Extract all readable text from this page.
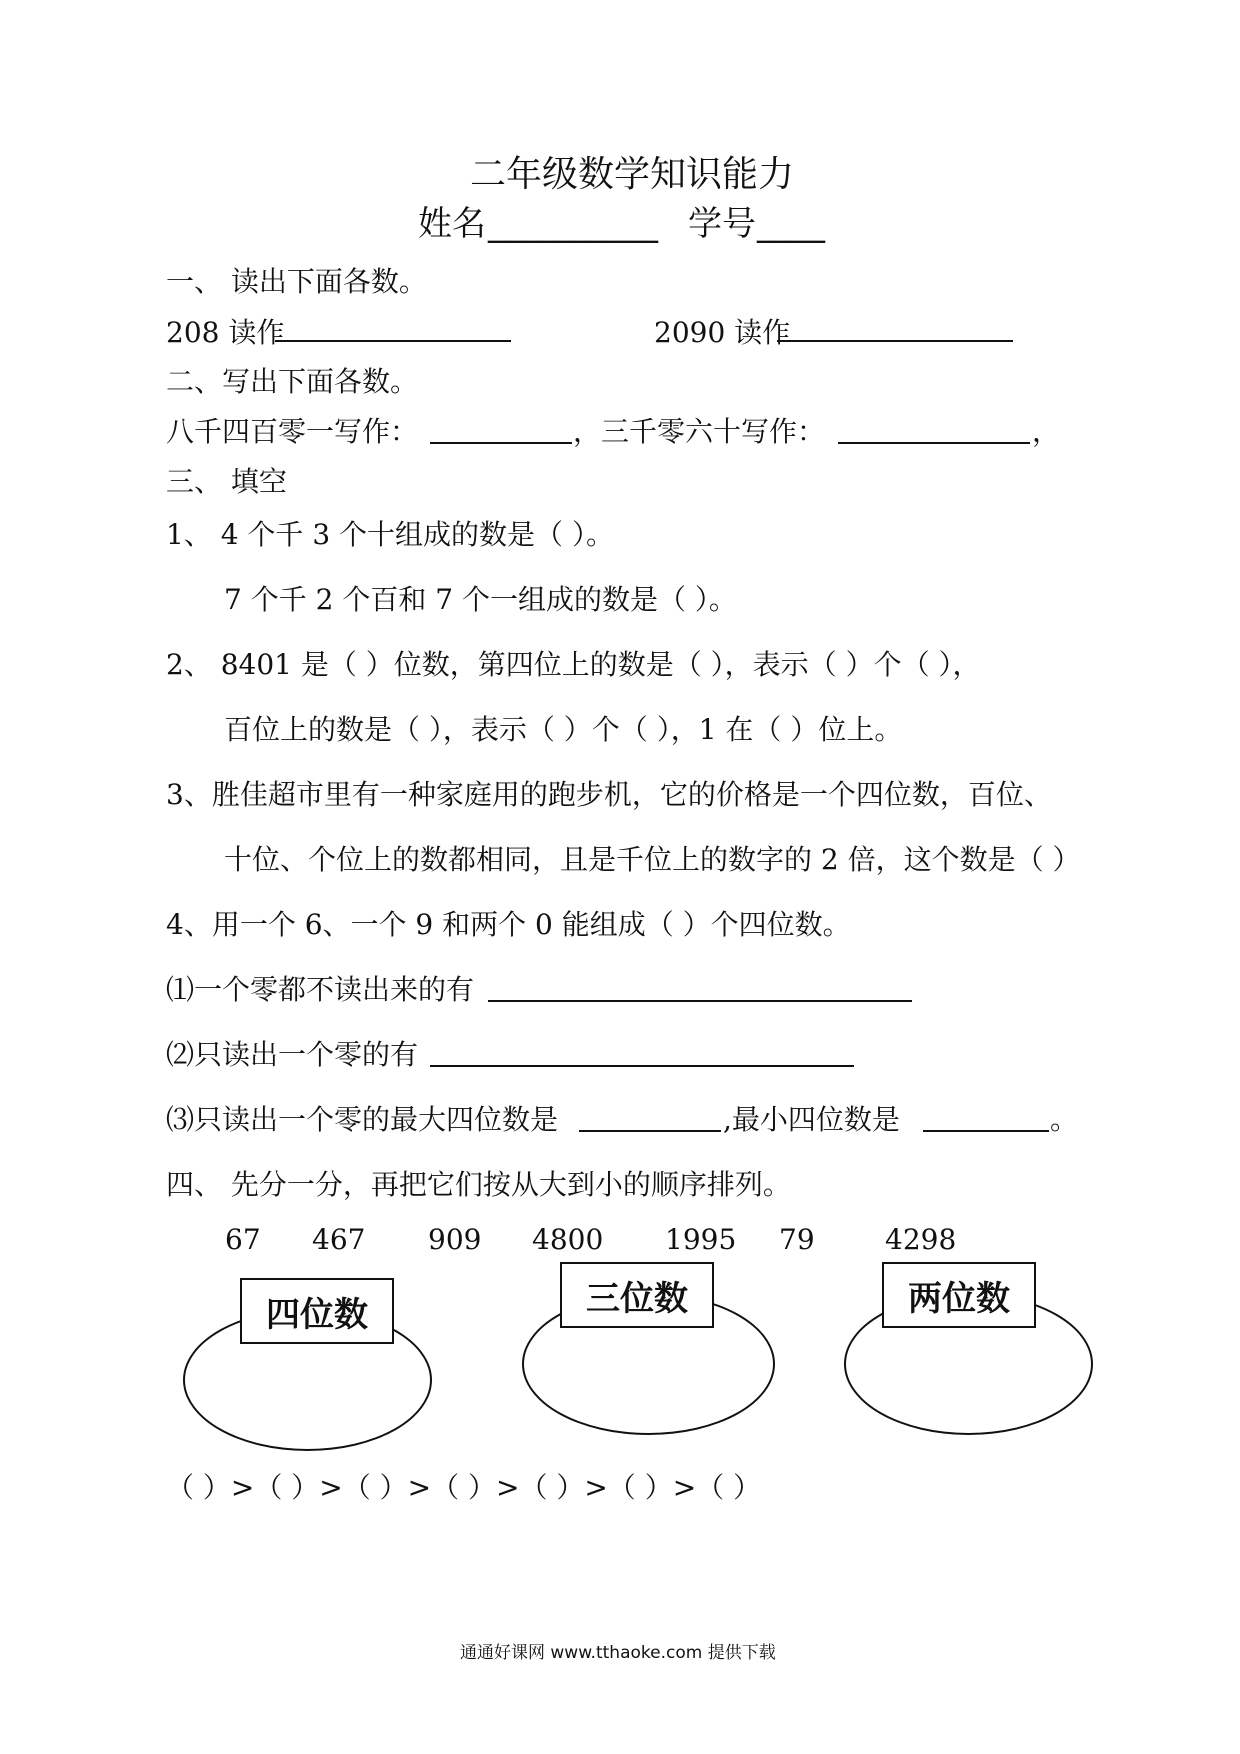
二年级数学知识能力
姓名 __________ 学号 ____
一、 读出下面各数。
208 读作	2090 读作
二、写出下面各数。
八千四百零一写作：	，三千零六十写作：	，
三、 填空
1、 4 个千 3 个十组成的数是（ ）。
7 个千 2 个百和 7 个一组成的数是（ ）。
2、 8401 是（ ）位数，第四位上的数是（ ），表示（ ）个（ ），
百位上的数是（ ），表示（ ）个（ ），1 在（ ）位上。
3、胜佳超市里有一种家庭用的跑步机，它的价格是一个四位数，百位、
十位、个位上的数都相同，且是千位上的数字的 2 倍，这个数是（ ）
4、用一个 6、一个 9 和两个 0 能组成（ ）个四位数。
⑴一个零都不读出来的有
⑵只读出一个零的有
⑶只读出一个零的最大四位数是	,最小四位数是	。
四、 先分一分，再把它们按从大到小的顺序排列。
67 467 909 4800 1995 79	4298
四位数	三位数	两位数
（ ）>（ ）>（ ）>（ ）>（ ）>（ ）>（ ）
通通好课网 www.tthaoke.com 提供下载
